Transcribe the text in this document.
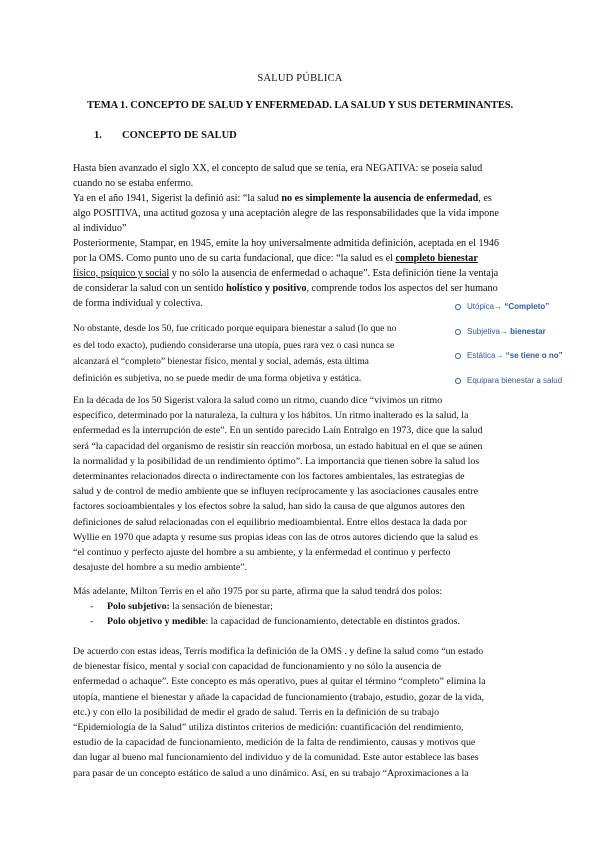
SALUD PÚBLICA
TEMA 1. CONCEPTO DE SALUD Y ENFERMEDAD. LA SALUD Y SUS DETERMINANTES.
1. CONCEPTO DE SALUD
Hasta bien avanzado el siglo XX, el concepto de salud que se tenía, era NEGATIVA: se poseía salud
cuando no se estaba enfermo.
Ya en el año 1941, Sigerist la definió así: “la salud no es simplemente la ausencia de enfermedad, es
algo POSITIVA, una actitud gozosa y una aceptación alegre de las responsabilidades que la vida impone
al individuo”
Posteriormente, Stampar, en 1945, emite la hoy universalmente admitida definición, aceptada en el 1946
por la OMS. Como punto uno de su carta fundacional, que dice: “la salud es el completo bienestar
físico, psíquico y social y no sólo la ausencia de enfermedad o achaque”. Esta definición tiene la ventaja
de considerar la salud con un sentido holístico y positivo, comprende todos los aspectos del ser humano
de forma individual y colectiva.
No obstante, desde los 50, fue criticado porque equipara bienestar a salud (lo que no
es del todo exacto), pudiendo considerarse una utopía, pues rara vez o casi nunca se
alcanzará el “completo” bienestar físico, mental y social, además, esta última
definición es subjetiva, no se puede medir de una forma objetiva y estática.
Utópica→ “Completo”
Subjetiva→ bienestar
Estática→ “se tiene o no”
Equipara bienestar a salud
En la década de los 50 Sigerist valora la salud como un ritmo, cuando dice “vivimos un ritmo
específico, determinado por la naturaleza, la cultura y los hábitos. Un ritmo inalterado es la salud, la
enfermedad es la interrupción de este”. En un sentido parecido Laín Entralgo en 1973, dice que la salud
será “la capacidad del organismo de resistir sin reacción morbosa, un estado habitual en el que se aúnen
la normalidad y la posibilidad de un rendimiento óptimo”. La importancia que tienen sobre la salud los
determinantes relacionados directa o indirectamente con los factores ambientales, las estrategias de
salud y de control de medio ambiente que se influyen recíprocamente y las asociaciones causales entre
factores socioambientales y los efectos sobre la salud, han sido la causa de que algunos autores den
definiciones de salud relacionadas con el equilibrio medioambiental. Entre ellos destaca la dada por
Wyllie en 1970 que adapta y resume sus propias ideas con las de otros autores diciendo que la salud es
“el continuo y perfecto ajuste del hombre a su ambiente, y la enfermedad el continuo y perfecto
desajuste del hombre a su medio ambiente”.
Más adelante, Milton Terris en el año 1975 por su parte, afirma que la salud tendrá dos polos:
- Polo subjetivo: la sensación de bienestar;
- Polo objetivo y medible: la capacidad de funcionamiento, detectable en distintos grados.
De acuerdo con estas ideas, Terris modifica la definición de la OMS . y define la salud como “un estado
de bienestar físico, mental y social con capacidad de funcionamiento y no sólo la ausencia de
enfermedad o achaque”. Este concepto es más operativo, pues al quitar el término “completo” elimina la
utopía, mantiene el bienestar y añade la capacidad de funcionamiento (trabajo, estudio, gozar de la vida,
etc.) y con ello la posibilidad de medir el grado de salud. Terris en la definición de su trabajo
“Epidemiología de la Salud” utiliza distintos criterios de medición: cuantificación del rendimiento,
estudio de la capacidad de funcionamiento, medición de la falta de rendimiento, causas y motivos que
dan lugar al bueno mal funcionamiento del individuo y de la comunidad. Este autor establece las bases
para pasar de un concepto estático de salud a uno dinámico. Así, en su trabajo “Aproximaciones a la
